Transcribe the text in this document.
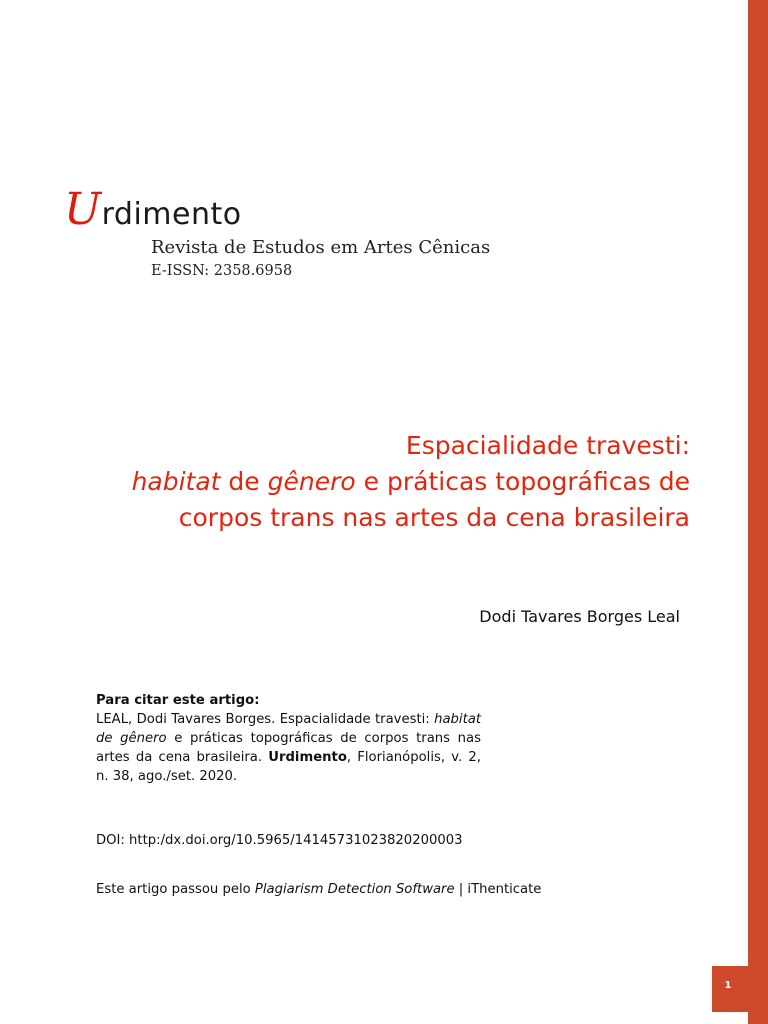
1
Urdimento
Revista de Estudos em Artes Cênicas
E-ISSN: 2358.6958
Espacialidade travesti:
habitat de gênero e práticas topográficas de
corpos trans nas artes da cena brasileira
Dodi Tavares Borges Leal
Para citar este artigo:
LEAL, Dodi Tavares Borges. Espacialidade travesti: habitat de gênero e práticas topográficas de corpos trans nas artes da cena brasileira. Urdimento, Florianópolis, v. 2, n. 38, ago./set. 2020.
DOI: http:/dx.doi.org/10.5965/14145731023820200003
Este artigo passou pelo Plagiarism Detection Software | iThenticate
